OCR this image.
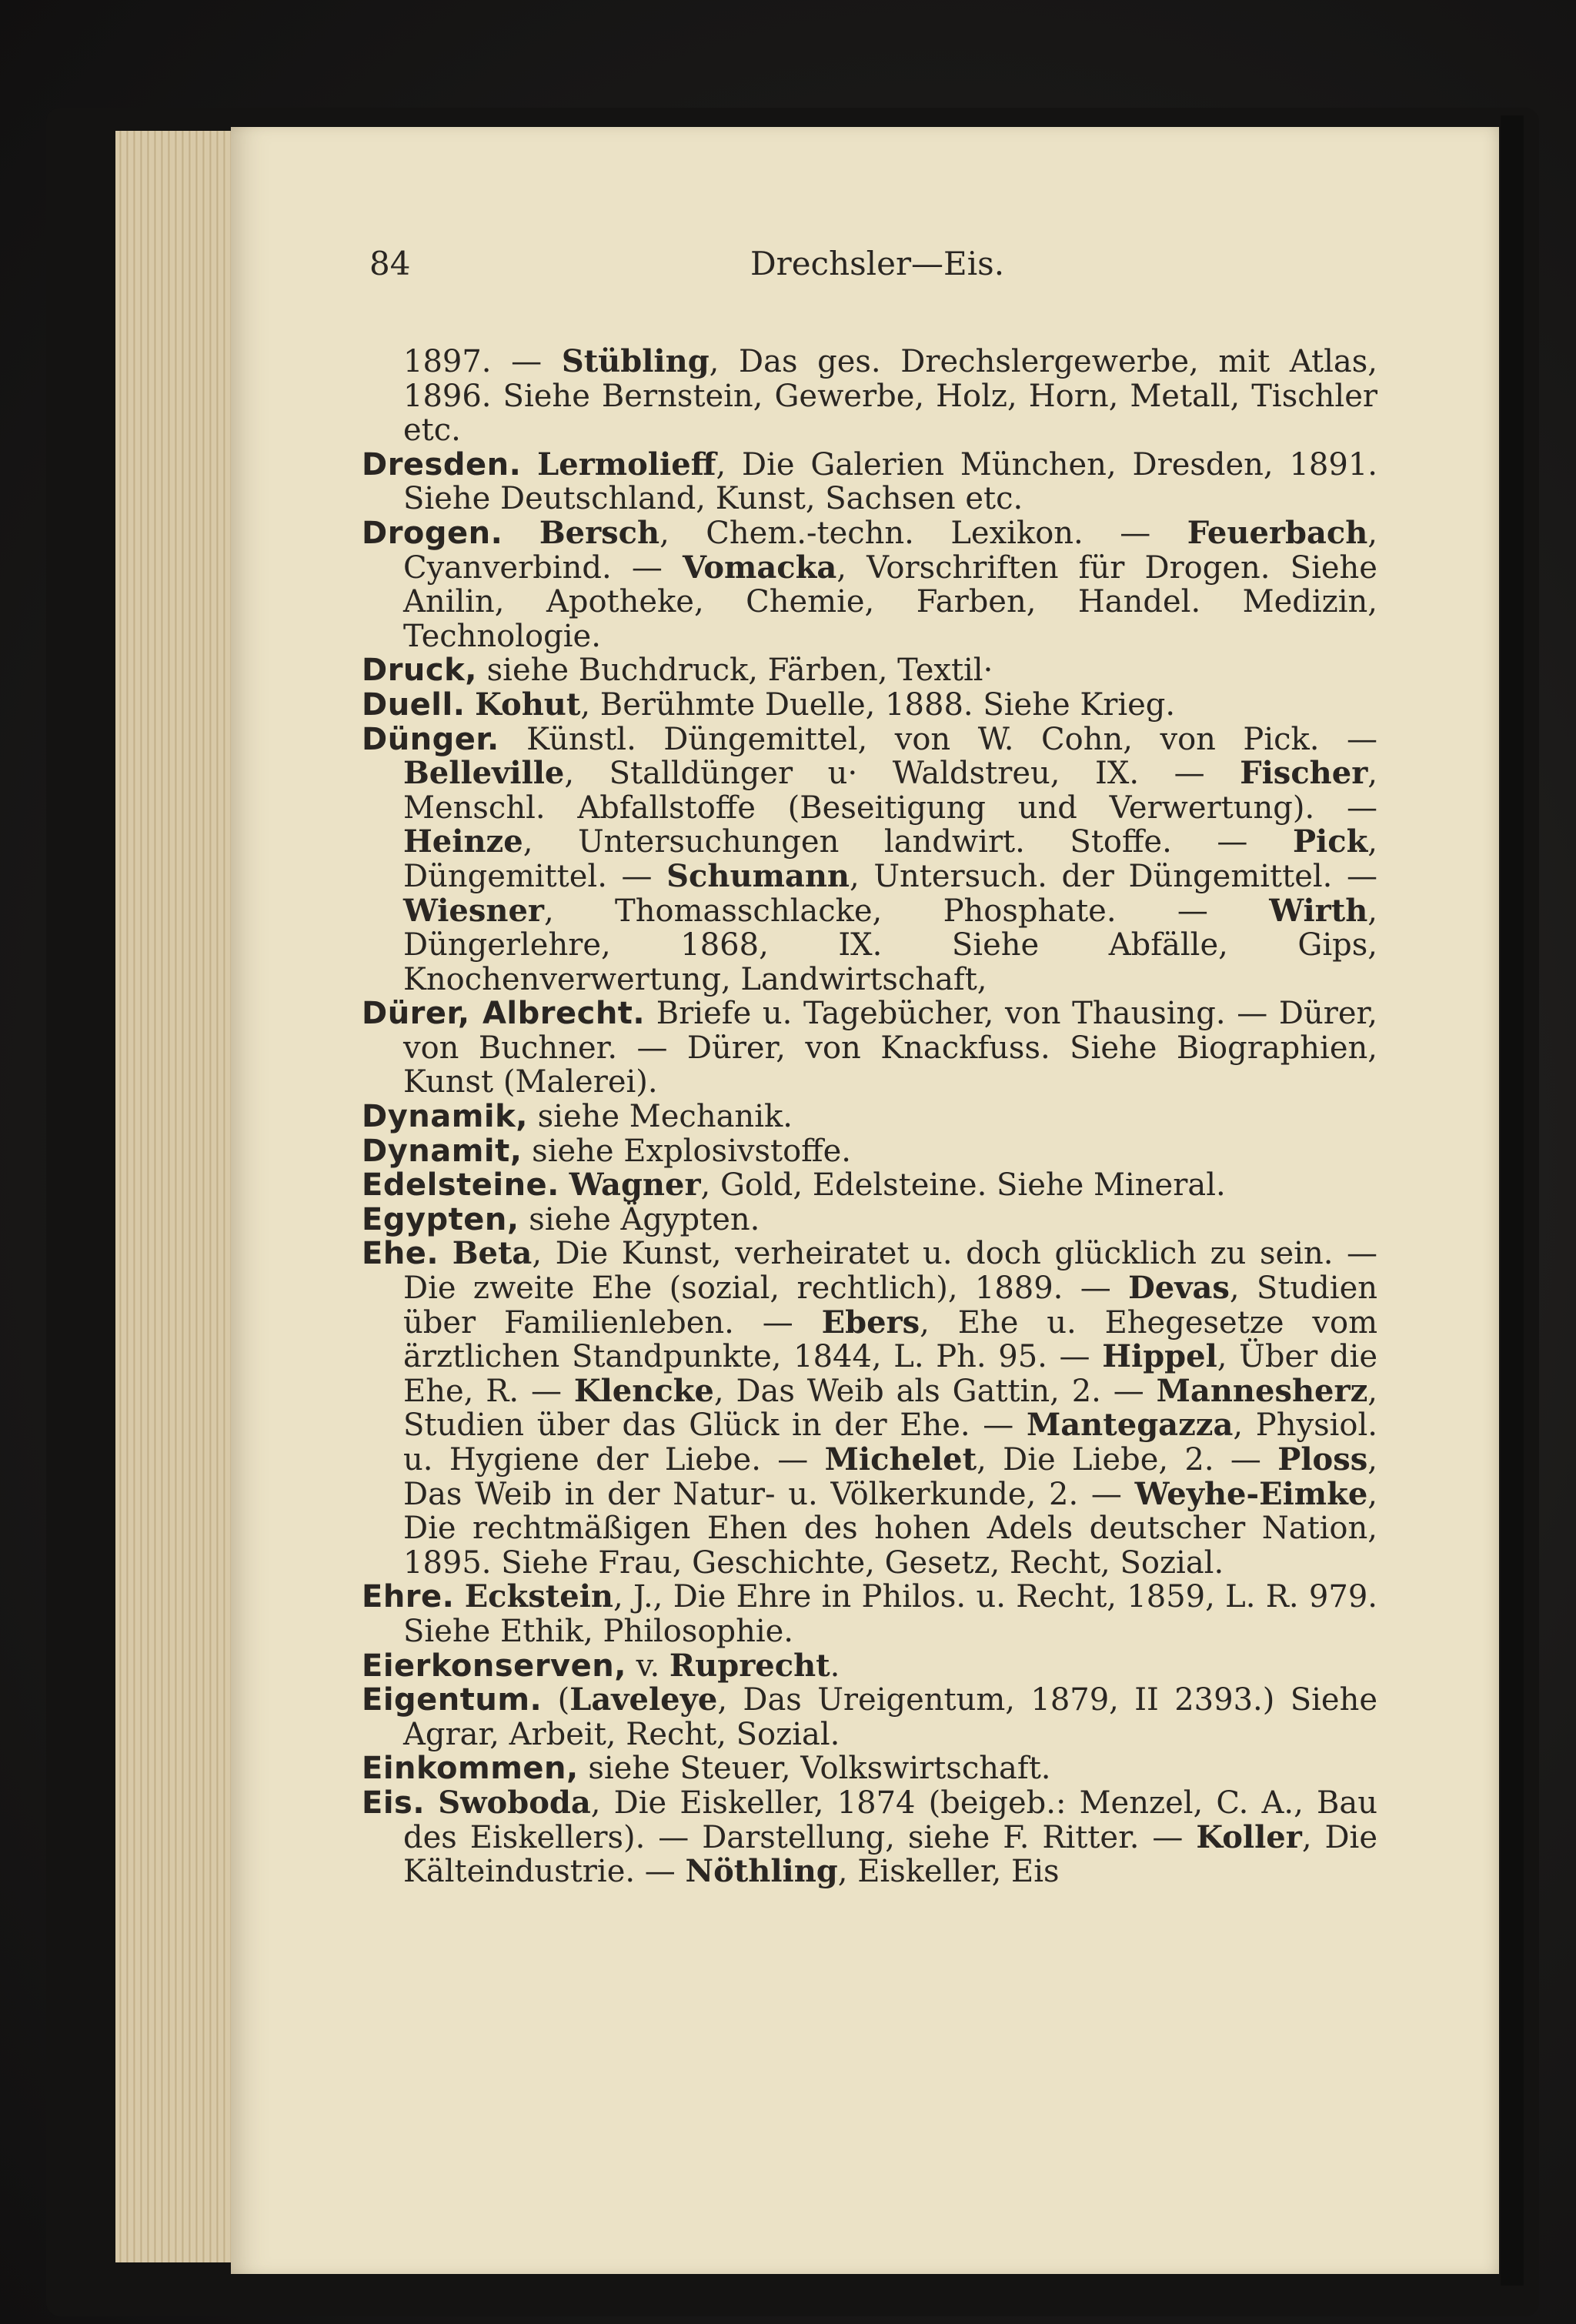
84	Drechsler—Eis.

1897. — Stübling, Das ges. Drechslergewerbe, mit Atlas, 1896. Siehe Bernstein, Gewerbe, Holz, Horn, Metall, Tischler etc.

Dresden. Lermolieff, Die Galerien München, Dresden, 1891. Siehe Deutschland, Kunst, Sachsen etc.

Drogen. Bersch, Chem.-techn. Lexikon. — Feuerbach, Cyanverbind. — Vomacka, Vorschriften für Drogen. Siehe Anilin, Apotheke, Chemie, Farben, Handel. Medizin, Technologie.

Druck, siehe Buchdruck, Färben, Textil·

Duell. Kohut, Berühmte Duelle, 1888. Siehe Krieg.

Dünger. Künstl. Düngemittel, von W. Cohn, von Pick. — Belleville, Stalldünger u· Waldstreu, IX. — Fischer, Menschl. Abfallstoffe (Beseitigung und Verwertung). — Heinze, Untersuchungen landwirt. Stoffe. — Pick, Düngemittel. — Schumann, Untersuch. der Düngemittel. — Wiesner, Thomasschlacke, Phosphate. — Wirth, Düngerlehre, 1868, IX. Siehe Abfälle, Gips, Knochenverwertung, Landwirtschaft,

Dürer, Albrecht. Briefe u. Tagebücher, von Thausing. — Dürer, von Buchner. — Dürer, von Knackfuss. Siehe Biographien, Kunst (Malerei).

Dynamik, siehe Mechanik.

Dynamit, siehe Explosivstoffe.

Edelsteine. Wagner, Gold, Edelsteine. Siehe Mineral.

Egypten, siehe Ägypten.

Ehe. Beta, Die Kunst, verheiratet u. doch glücklich zu sein. — Die zweite Ehe (sozial, rechtlich), 1889. — Devas, Studien über Familienleben. — Ebers, Ehe u. Ehegesetze vom ärztlichen Standpunkte, 1844, L. Ph. 95. — Hippel, Über die Ehe, R. — Klencke, Das Weib als Gattin, 2. — Mannesherz, Studien über das Glück in der Ehe. — Mantegazza, Physiol. u. Hygiene der Liebe. — Michelet, Die Liebe, 2. — Ploss, Das Weib in der Natur- u. Völkerkunde, 2. — Weyhe-Eimke, Die rechtmäßigen Ehen des hohen Adels deutscher Nation, 1895. Siehe Frau, Geschichte, Gesetz, Recht, Sozial.

Ehre. Eckstein, J., Die Ehre in Philos. u. Recht, 1859, L. R. 979. Siehe Ethik, Philosophie.

Eierkonserven, v. Ruprecht.

Eigentum. (Laveleye, Das Ureigentum, 1879, II 2393.) Siehe Agrar, Arbeit, Recht, Sozial.

Einkommen, siehe Steuer, Volkswirtschaft.

Eis. Swoboda, Die Eiskeller, 1874 (beigeb.: Menzel, C. A., Bau des Eiskellers). — Darstellung, siehe F. Ritter. — Koller, Die Kälteindustrie. — Nöthling, Eiskeller, Eis
